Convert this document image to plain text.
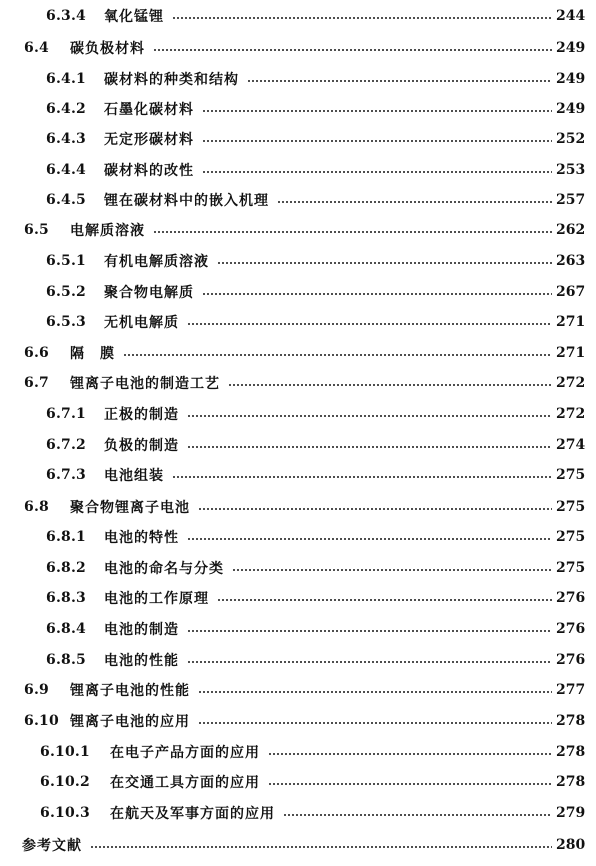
6.3.4	氧化锰锂	244
6.4	碳负极材料	249
6.4.1	碳材料的种类和结构	249
6.4.2	石墨化碳材料	249
6.4.3	无定形碳材料	252
6.4.4	碳材料的改性	253
6.4.5	锂在碳材料中的嵌入机理	257
6.5	电解质溶液	262
6.5.1	有机电解质溶液	263
6.5.2	聚合物电解质	267
6.5.3	无机电解质	271
6.6	隔　膜	271
6.7	锂离子电池的制造工艺	272
6.7.1	正极的制造	272
6.7.2	负极的制造	274
6.7.3	电池组装	275
6.8	聚合物锂离子电池	275
6.8.1	电池的特性	275
6.8.2	电池的命名与分类	275
6.8.3	电池的工作原理	276
6.8.4	电池的制造	276
6.8.5	电池的性能	276
6.9	锂离子电池的性能	277
6.10 锂离子电池的应用	278
6.10.1	在电子产品方面的应用	278
6.10.2	在交通工具方面的应用	278
6.10.3	在航天及军事方面的应用	279
参考文献	280
